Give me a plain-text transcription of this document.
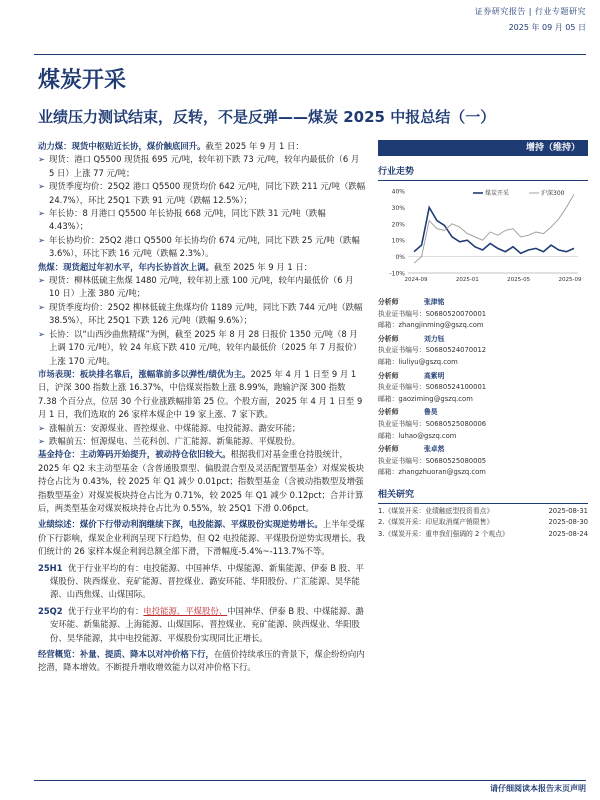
证券研究报告 | 行业专题研究
2025 年 09 月 05 日
煤炭开采
业绩压力测试结束，反转，不是反弹——煤炭 2025 中报总结（一）

动力煤：现货中枢贴近长协，煤价触底回升。截至 2025 年 9 月 1 日：

➢ 现货：港口 Q5500 现货报 695 元/吨，较年初下跌 73 元/吨，较年内最低价（6 月 5 日）上涨 77 元/吨；
➢ 现货季度均价：25Q2 港口 Q5500 现货均价 642 元/吨，同比下跌 211 元/吨（跌幅 24.7%），环比 25Q1 下跌 91 元/吨（跌幅 12.5%）；
➢ 年长协：8 月港口 Q5500 年长协报 668 元/吨，同比下跌 31 元/吨（跌幅 4.43%）；
➢ 年长协均价：25Q2 港口 Q5500 年长协均价 674 元/吨，同比下跌 25 元/吨（跌幅 3.6%），环比下跌 16 元/吨（跌幅 2.3%）。

焦煤：现货超过年初水平，年内长协首次上调。截至 2025 年 9 月 1 日：

➢ 现货：柳林低硫主焦煤 1480 元/吨，较年初上涨 100 元/吨，较年内最低价（6 月 10 日）上涨 380 元/吨；
➢ 现货季度均价：25Q2 柳林低硫主焦煤均价 1189 元/吨，同比下跌 744 元/吨（跌幅 38.5%），环比 25Q1 下跌 126 元/吨（跌幅 9.6%）；
➢ 长协：以“山西沙曲焦精煤”为例，截至 2025 年 8 月 28 日报价 1350 元/吨（8 月上调 170 元/吨），较 24 年底下跌 410 元/吨，较年内最低价（2025 年 7 月报价）上涨 170 元/吨。

市场表现：板块排名靠后，涨幅靠前多以弹性/绩优为主。2025 年 4 月 1 日至 9 月 1 日，沪深 300 指数上涨 16.37%，中信煤炭指数上涨 8.99%，跑输沪深 300 指数 7.38 个百分点，位居 30 个行业涨跌幅排第 25 位。个股方面，2025 年 4 月 1 日至 9 月 1 日，我们选取的 26 家样本煤企中 19 家上涨、7 家下跌。

➢ 涨幅前五：安源煤业、晋控煤业、中煤能源、电投能源、潞安环能；
➢ 跌幅前五：恒源煤电、兰花科创、广汇能源、新集能源、平煤股份。

基金持仓：主动筹码开始提升，被动持仓依旧较大。根据我们对基金重仓持股统计，2025 年 Q2 末主动型基金（含普通股票型、偏股混合型及灵活配置型基金）对煤炭板块持仓占比为 0.43%，较 2025 年 Q1 减少 0.01pct；指数型基金（含被动指数型及增强指数型基金）对煤炭板块持仓占比为 0.71%，较 2025 年 Q1 减少 0.12pct；合并计算后，两类型基金对煤炭板块持仓占比为 0.55%，较 25Q1 下滑 0.06pct。

业绩综述：煤价下行带动利润继续下探，电投能源、平煤股份实现逆势增长。上半年受煤价下行影响，煤炭企业利润呈现下行趋势，但 Q2 电投能源、平煤股份逆势实现增长。我们统计的 26 家样本煤企利润总额全部下滑，下滑幅度-5.4%~-113.7%不等。

25H1 优于行业平均的有：电投能源、中国神华、中煤能源、新集能源、伊泰 B 股、平煤股份、陕西煤业、兖矿能源、晋控煤业、潞安环能、华阳股份、广汇能源、昊华能源、山西焦煤、山煤国际。
25Q2 优于行业平均的有：电投能源、平煤股份、中国神华、伊泰 B 股、中煤能源、潞安环能、新集能源、上海能源、山煤国际、晋控煤业、兖矿能源、陕西煤业、华阳股份、昊华能源，其中电投能源、平煤股份实现同比正增长。

经营概览：补量、提质、降本以对冲价格下行，在值价持续承压的背景下，煤企纷纷向内挖潜，降本增效。不断提升增收增效能力以对冲价格下行。

增持（维持）
行业走势
40%
30%
20%
10%
0%
-10%
2024-09	2025-01	2025-05	2025-09
煤炭开采	沪深300
分析师	张津铭
执业证书编号： S0680520070001
邮箱： zhangjinming@gszq.com
分析师	刘力钰
执业证书编号： S0680524070012
邮箱： liuliyu@gszq.com
分析师	高紫明
执业证书编号： S0680524100001
邮箱： gaoziming@gszq.com
分析师	鲁昊
执业证书编号： S0680525080006
邮箱： luhao@gszq.com
分析师	张卓然
执业证书编号： S0680525080005
邮箱： zhangzhuoran@gszq.com
相关研究
1.《煤炭开采：业绩触底型投资看点》	2025-08-31
2.《煤炭开采：印尼取消煤产销限售》	2025-08-30
3.《煤炭开采：重申我们强调的 2 个观点》	2025-08-24
请仔细阅读本报告末页声明
